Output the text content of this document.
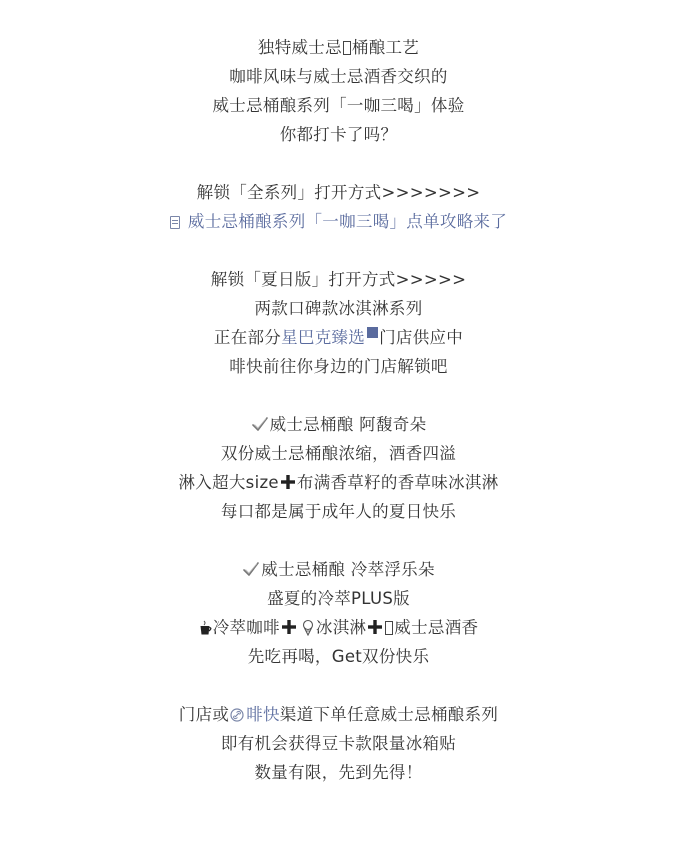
独特威士忌 桶酿工艺
咖啡风味与威士忌酒香交织的
威士忌桶酿系列「一咖三喝」体验
你都打卡了吗？
解锁「全系列」打开方式>>>>>>>
威士忌桶酿系列「一咖三喝」点单攻略来了
解锁「夏日版」打开方式>>>>>
两款口碑款冰淇淋系列
正在部分星巴克臻选 门店供应中
啡快前往你身边的门店解锁吧
威士忌桶酿 阿馥奇朵
双份威士忌桶酿浓缩，酒香四溢
淋入超大size 布满香草籽的香草味冰淇淋
每口都是属于成年人的夏日快乐
威士忌桶酿 冷萃浮乐朵
盛夏的冷萃PLUS版
冷萃咖啡 冰淇淋 威士忌酒香
先吃再喝，Get双份快乐
门店或 啡快渠道下单任意威士忌桶酿系列
即有机会获得豆卡款限量冰箱贴
数量有限，先到先得！
